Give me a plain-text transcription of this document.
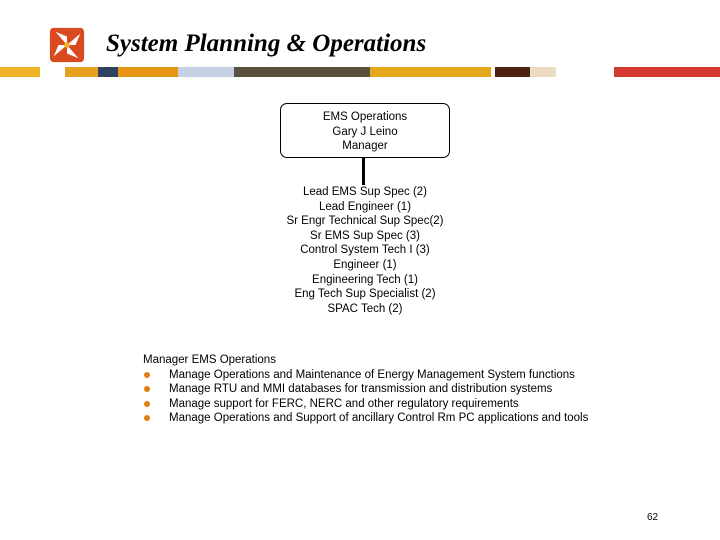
System Planning & Operations
EMS Operations
Gary J Leino
Manager
Lead EMS Sup Spec (2)
Lead Engineer (1)
Sr Engr Technical Sup Spec(2)
Sr EMS Sup Spec (3)
Control System Tech I (3)
Engineer (1)
Engineering Tech (1)
Eng Tech Sup Specialist (2)
SPAC Tech (2)
Manager EMS Operations
Manage Operations and Maintenance of Energy Management System functions
Manage RTU and MMI databases for transmission and distribution systems
Manage support for FERC, NERC and other regulatory requirements
Manage Operations and Support of ancillary Control Rm PC applications and tools
62
